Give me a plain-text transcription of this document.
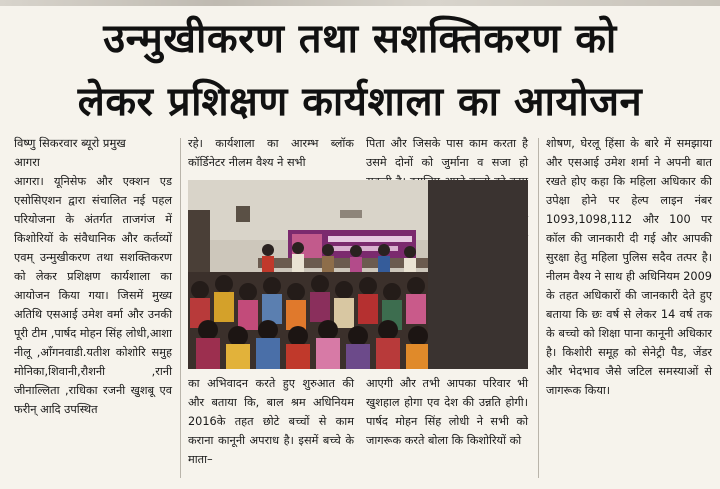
उन्मुखीकरण तथा सशक्तिकरण को
लेकर प्रशिक्षण कार्यशाला का आयोजन

विष्णु सिकरवार ब्यूरो प्रमुख

आगरा

आगरा। यूनिसेफ और एक्शन एड एसोसिएशन द्वारा संचालित नई पहल परियोजना के अंतर्गत ताजगंज में किशोरियों के संवैधानिक और कर्तव्यों एवम् उन्मुखीकरण तथा सशक्तिकरण को लेकर प्रशिक्षण कार्यशाला का आयोजन किया गया। जिसमें मुख्य अतिथि एसआई उमेश वर्मा और उनकी पूरी टीम ,पार्षद मोहन सिंह लोधी,आशा नीलू ,आँगनवाडी.यतीश कोशोरि समुह मोनिका,शिवानी,रौशनी ,रानी जीनाल्लिता ,राधिका रजनी खुशबू एव फरीन् आदि उपस्थित

रहे। कार्यशाला का आरम्भ ब्लॉक कॉर्डिनेटर नीलम वैश्य ने सभी

पिता और जिसके पास काम करता है उसमे दोनों को जुर्माना व सजा हो

का अभिवादन करते हुए शुरुआत की और बताया कि, बाल श्रम अधिनियम 2016के तहत छोटे बच्चों से काम कराना कानूनी अपराध है। इसमें बच्चे के माता–

आएगी और तभी आपका परिवार भी खुशहाल होगा एव देश की उन्नति होगी। पार्षद मोहन सिंह लोधी ने सभी को जागरूक करते बोला कि किशोरियों को

शोषण, घेरलू हिंसा के बारे में समझाया और एसआई उमेश शर्मा ने अपनी बात रखते होए कहा कि महिला अधिकार की उपेक्षा होने पर हेल्प लाइन नंबर 1093,1098,112 और 100 पर कॉल की जानकारी दी गई और आपकी सुरक्षा हेतु महिला पुलिस सदैव तत्पर है। नीलम वैश्य ने साथ ही अधिनियम 2009 के तहत अधिकारों की जानकारी देते हुए बताया कि छः वर्ष से लेकर 14 वर्ष तक के बच्चो को शिक्षा पाना कानूनी अधिकार है। किशोरी समूह को सेनेट्री पैड, जेंडर और भेदभाव जैसे जटिल समस्याओं से जागरूक किया।
